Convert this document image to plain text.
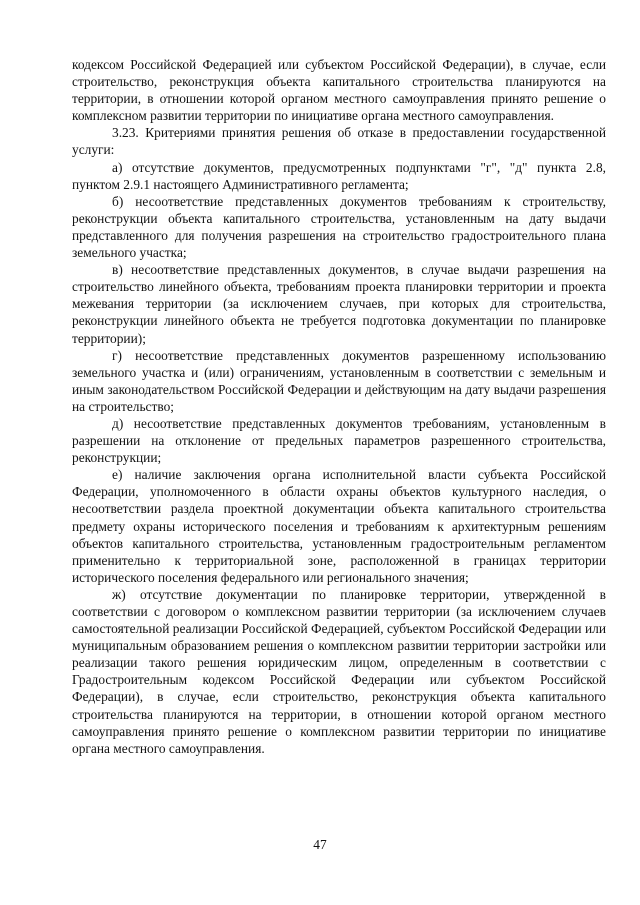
кодексом Российской Федерацией или субъектом Российской Федерации), в случае, если строительство, реконструкция объекта капитального строительства планируются на территории, в отношении которой органом местного самоуправления принято решение о комплексном развитии территории по инициативе органа местного самоуправления.

3.23. Критериями принятия решения об отказе в предоставлении государственной услуги:

а) отсутствие документов, предусмотренных подпунктами "г", "д" пункта 2.8, пунктом 2.9.1 настоящего Административного регламента;

б) несоответствие представленных документов требованиям к строительству, реконструкции объекта капитального строительства, установленным на дату выдачи представленного для получения разрешения на строительство градостроительного плана земельного участка;

в) несоответствие представленных документов, в случае выдачи разрешения на строительство линейного объекта, требованиям проекта планировки территории и проекта межевания территории (за исключением случаев, при которых для строительства, реконструкции линейного объекта не требуется подготовка документации по планировке территории);

г) несоответствие представленных документов разрешенному использованию земельного участка и (или) ограничениям, установленным в соответствии с земельным и иным законодательством Российской Федерации и действующим на дату выдачи разрешения на строительство;

д) несоответствие представленных документов требованиям, установленным в разрешении на отклонение от предельных параметров разрешенного строительства, реконструкции;

е) наличие заключения органа исполнительной власти субъекта Российской Федерации, уполномоченного в области охраны объектов культурного наследия, о несоответствии раздела проектной документации объекта капитального строительства предмету охраны исторического поселения и требованиям к архитектурным решениям объектов капитального строительства, установленным градостроительным регламентом применительно к территориальной зоне, расположенной в границах территории исторического поселения федерального или регионального значения;

ж) отсутствие документации по планировке территории, утвержденной в соответствии с договором о комплексном развитии территории (за исключением случаев самостоятельной реализации Российской Федерацией, субъектом Российской Федерации или муниципальным образованием решения о комплексном развитии территории застройки или реализации такого решения юридическим лицом, определенным в соответствии с Градостроительным кодексом Российской Федерации или субъектом Российской Федерации), в случае, если строительство, реконструкция объекта капитального строительства планируются на территории, в отношении которой органом местного самоуправления принято решение о комплексном развитии территории по инициативе органа местного самоуправления.

47
